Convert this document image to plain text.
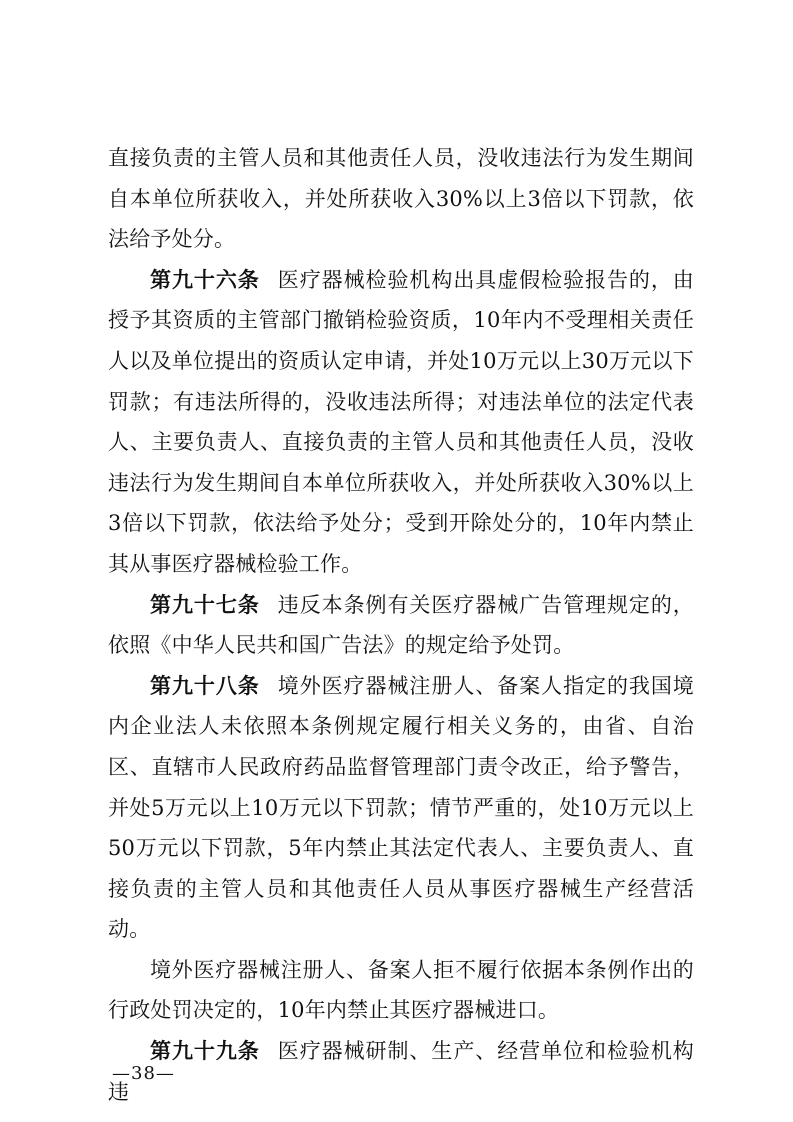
直接负责的主管人员和其他责任人员，没收违法行为发生期间自本单位所获收入，并处所获收入30%以上3倍以下罚款，依法给予处分。

第九十六条 医疗器械检验机构出具虚假检验报告的，由授予其资质的主管部门撤销检验资质，10年内不受理相关责任人以及单位提出的资质认定申请，并处10万元以上30万元以下罚款；有违法所得的，没收违法所得；对违法单位的法定代表人、主要负责人、直接负责的主管人员和其他责任人员，没收违法行为发生期间自本单位所获收入，并处所获收入30%以上3倍以下罚款，依法给予处分；受到开除处分的，10年内禁止其从事医疗器械检验工作。

第九十七条 违反本条例有关医疗器械广告管理规定的，依照《中华人民共和国广告法》的规定给予处罚。

第九十八条 境外医疗器械注册人、备案人指定的我国境内企业法人未依照本条例规定履行相关义务的，由省、自治区、直辖市人民政府药品监督管理部门责令改正，给予警告，并处5万元以上10万元以下罚款；情节严重的，处10万元以上50万元以下罚款，5年内禁止其法定代表人、主要负责人、直接负责的主管人员和其他责任人员从事医疗器械生产经营活动。

境外医疗器械注册人、备案人拒不履行依据本条例作出的行政处罚决定的，10年内禁止其医疗器械进口。

第九十九条 医疗器械研制、生产、经营单位和检验机构违

—38—
